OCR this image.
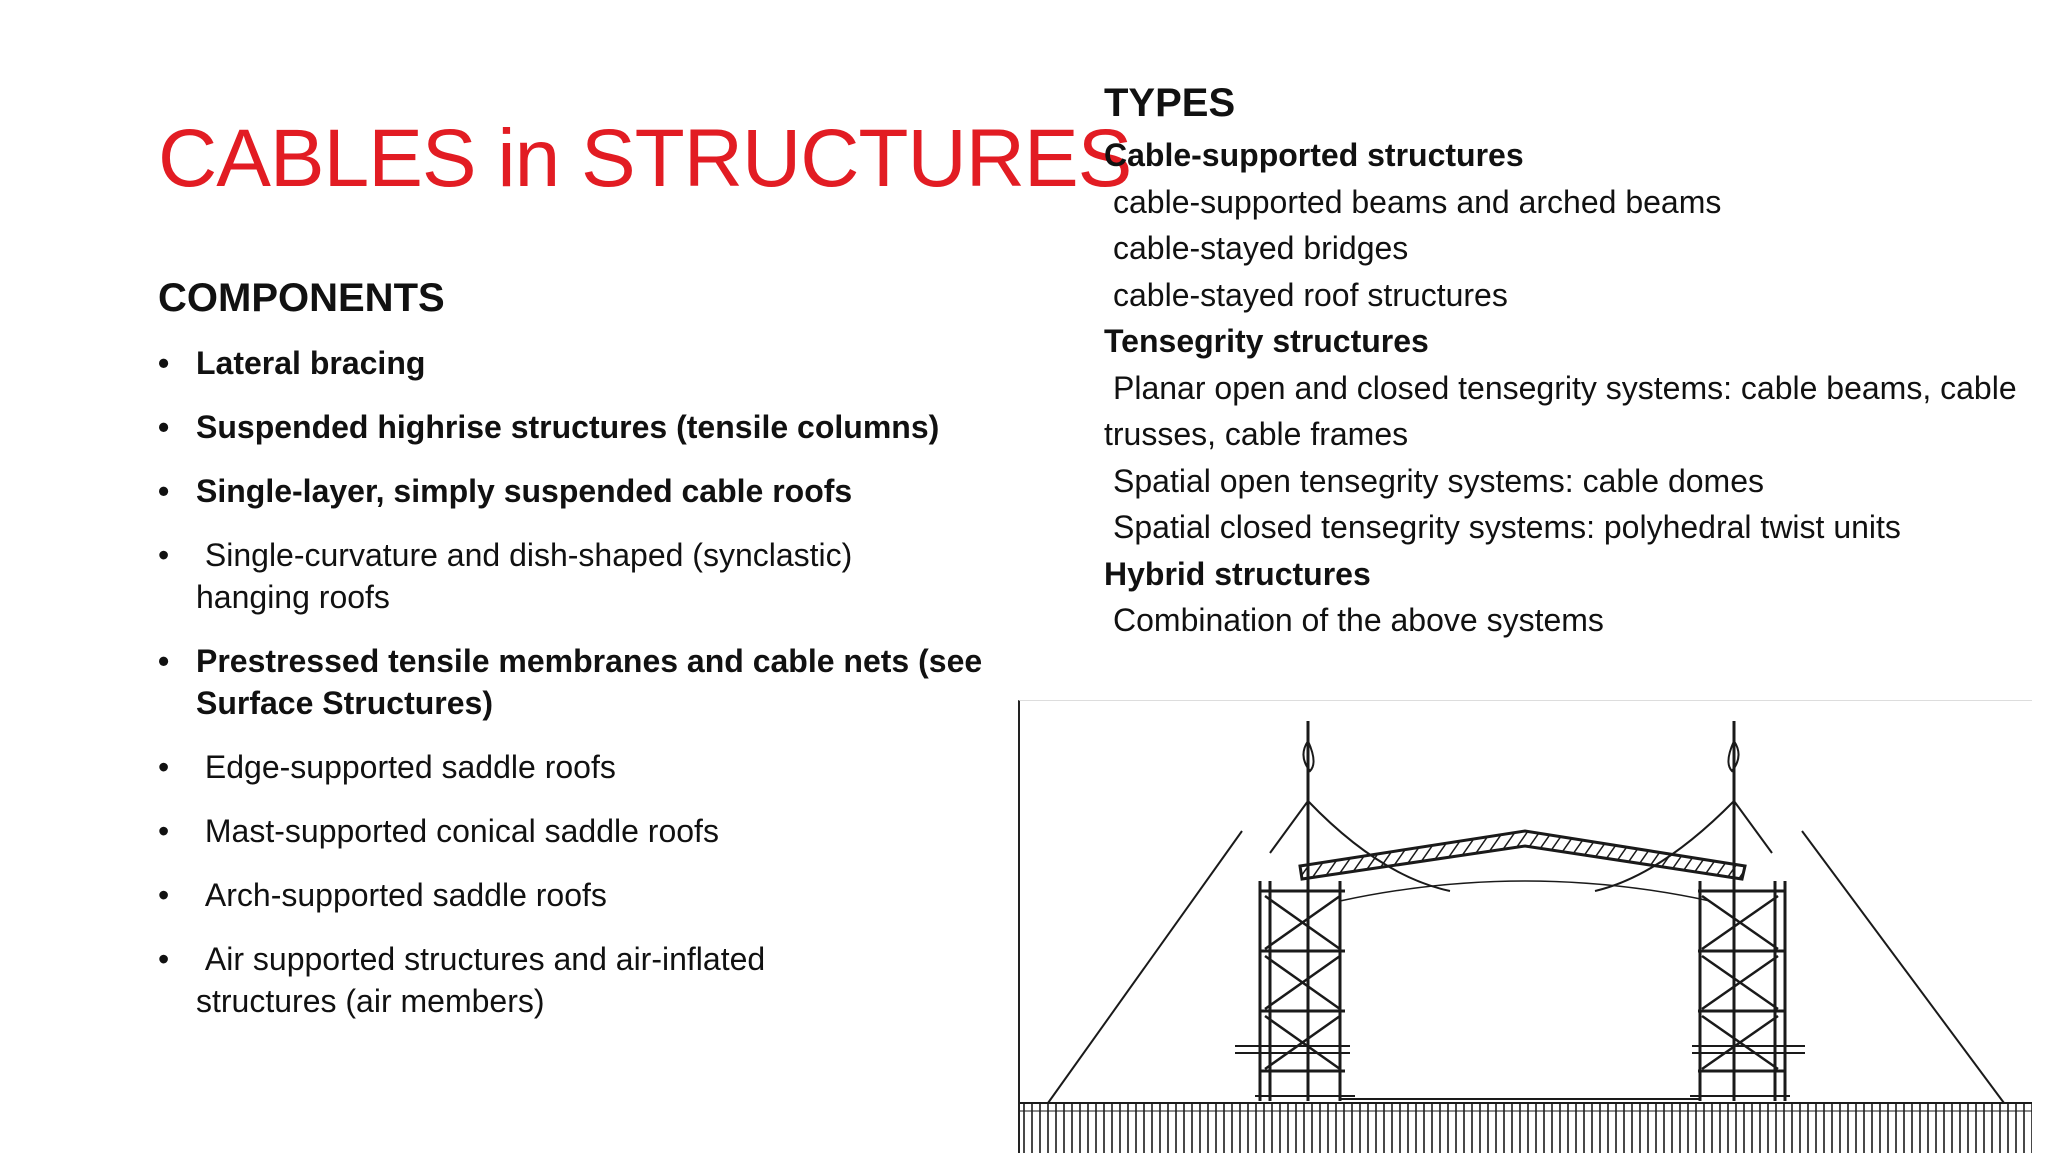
CABLES in STRUCTURES
COMPONENTS
• Lateral bracing
• Suspended highrise structures (tensile columns)
• Single-layer, simply suspended cable roofs
• Single-curvature and dish-shaped (synclastic) hanging roofs
• Prestressed tensile membranes and cable nets (see Surface Structures)
• Edge-supported saddle roofs
• Mast-supported conical saddle roofs
• Arch-supported saddle roofs
• Air supported structures and air-inflated structures (air members)
TYPES
Cable-supported structures
cable-supported beams and arched beams
cable-stayed bridges
cable-stayed roof structures
Tensegrity structures
Planar open and closed tensegrity systems: cable beams, cable trusses, cable frames
Spatial open tensegrity systems: cable domes
Spatial closed tensegrity systems: polyhedral twist units
Hybrid structures
Combination of the above systems
